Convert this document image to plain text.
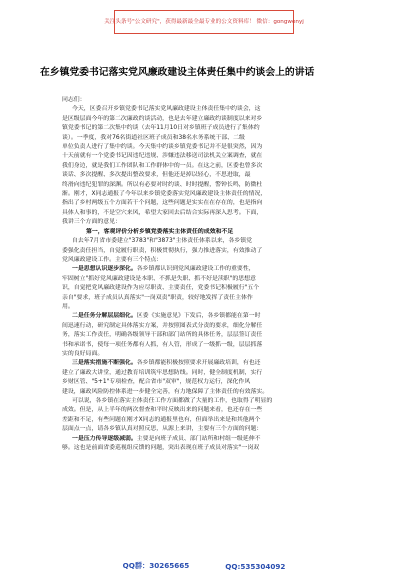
关注头条号"公文研究"，获得最新最全最专业的公文资料库！ 微信：gongwenyj
在乡镇党委书记落实党风廉政建设主体责任集中约谈会上的讲话
同志们：
今天，区委召开乡镇党委书记落实党风廉政建设主体责任集中约谈会，这
是区级层面今年的第二次廉政约谈活动，也是去年建立廉政约谈制度以来对乡
镇党委书记的第二次集中约谈（去年11月10日对乡镇班子成员进行了集体约
谈）。一季度，我对76名街道社区班子成员和38名水务系统干部、二级
单位负责人进行了集中约谈。今天集中约谈乡镇党委书记并不是很突然，因为
十天前就有一个党委书记因违纪违规、涉嫌违法移送司法机关立案调查，就在
我们身边，就是我们工作团队和工作群体中的一员。在这之前，区委也曾多次
谈话、多次提醒、多次提出整改要求，但他还是掉以轻心，不思进取，最
终滑向违纪犯罪的深渊。所以有必要对时约谈、时时提醒，警钟长鸣，防微杜
渐。刚才，X同志通报了今年以来乡镇党委落实党风廉政建设主体责任的情况，
指出了乡村两级五个方面若干个问题，这些问题是实实在在存在的，也是指向
具体人和事的，不是空穴来风，希望大家回去后结合实际再深入思考。下面，
我讲三个方面的意见：
第一，客观评价分析乡镇党委落实主体责任的成效和不足
自去年7月省市委建立"3783"和"3873"主体责任体系以来，各乡镇党
委强化责任担当，自觉履行职责，积极贯彻执行，强力推进落实，有效推动了
党风廉政建设工作。主要有三个特点：
一是思想认识逐步深化。各乡镇都认识到党风廉政建设工作的重要性，
牢固树立"抓好党风廉政建设是本职、不抓是失职、抓不好是渎职"的思想意
识，自觉把党风廉政建设作为应尽职责、主要责任，党委书记积极履行"五个
亲自"要求，班子成员认真落实"一岗双责"职责，较好地发挥了责任主体作
用。
二是任务分解层层细化。区委《实施意见》下发后，各乡镇都能在第一时
间迅速行动，研究制定具体落实方案，并按照图表式分责的要求，细化分解任
务，落实工作责任，明确各级领导干部和部门站所的具体任务，层层签订责任
书和承诺书，使每一项任务都有人抓，有人管，形成了一级抓一级，层层抓落
实的良好局面。
三是落实措施不断强化。各乡镇都能积极按照要求开展廉政培训，有也还
建立了廉政大讲堂，通过教育培训筑牢思想防线。同时，健全制度机制，实行
乡财区管、"5+1"专项检查，配合省市"双审"，规范权力运行，深化作风
建设，廉政风险防控体系进一步健全完善，有力地保障了主体责任的有效落实。
可以说，各乡镇在落实主体责任工作方面都做了大量的工作，也取得了明显的
成效。但是，从上半年的两次督查和平时反映出来的问题来看，也还存在一些
差距和不足，有些问题在刚才X同志的通报里也有，但面举出来是和其他两个
层面点一点，请各乡镇认真对照反思，从源上来讲，主要有三个方面的问题：
一是压力传导逐级减弱。主要是向班子成员、部门站所和村组一级延伸不
够。这也是前面省委巡视组反馈的问题，突出表现在班子成员对落实"一岗双
QQ群：30265665	QQ:535304092
